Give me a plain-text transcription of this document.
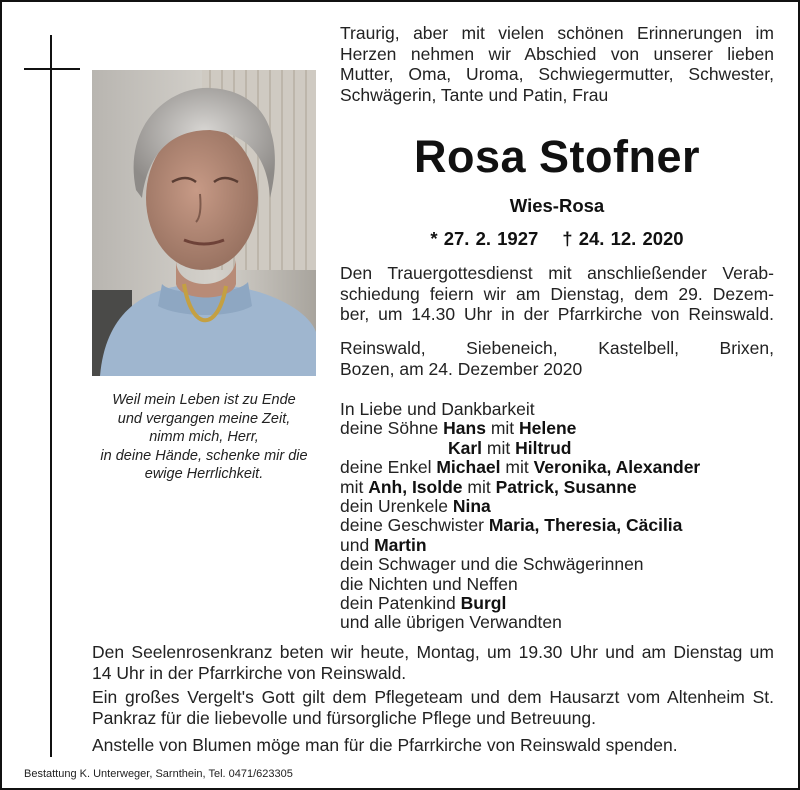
Weil mein Leben ist zu Ende
und vergangen meine Zeit,
nimm mich, Herr,
in deine Hände, schenke mir die
ewige Herrlichkeit.
Traurig, aber mit vielen schönen Erinnerungen im
Herzen nehmen wir Abschied von unserer lieben
Mutter, Oma, Uroma, Schwiegermutter, Schwester,
Schwägerin, Tante und Patin, Frau
Rosa Stofner
Wies-Rosa
* 27. 2. 1927 † 24. 12. 2020
Den Trauergottesdienst mit anschließender Verab-
schiedung feiern wir am Dienstag, dem 29. Dezem-
ber, um 14.30 Uhr in der Pfarrkirche von Reinswald.
Reinswald, Siebeneich, Kastelbell, Brixen,
Bozen, am 24. Dezember 2020
In Liebe und Dankbarkeit
deine Söhne Hans mit Helene
Karl mit Hiltrud
deine Enkel Michael mit Veronika, Alexander
mit Anh, Isolde mit Patrick, Susanne
dein Urenkele Nina
deine Geschwister Maria, Theresia, Cäcilia
und Martin
dein Schwager und die Schwägerinnen
die Nichten und Neffen
dein Patenkind Burgl
und alle übrigen Verwandten
Den Seelenrosenkranz beten wir heute, Montag, um 19.30 Uhr und am Dienstag um
14 Uhr in der Pfarrkirche von Reinswald.
Ein großes Vergelt's Gott gilt dem Pflegeteam und dem Hausarzt vom Altenheim St.
Pankraz für die liebevolle und fürsorgliche Pflege und Betreuung.
Anstelle von Blumen möge man für die Pfarrkirche von Reinswald spenden.
Bestattung K. Unterweger, Sarnthein, Tel. 0471/623305
